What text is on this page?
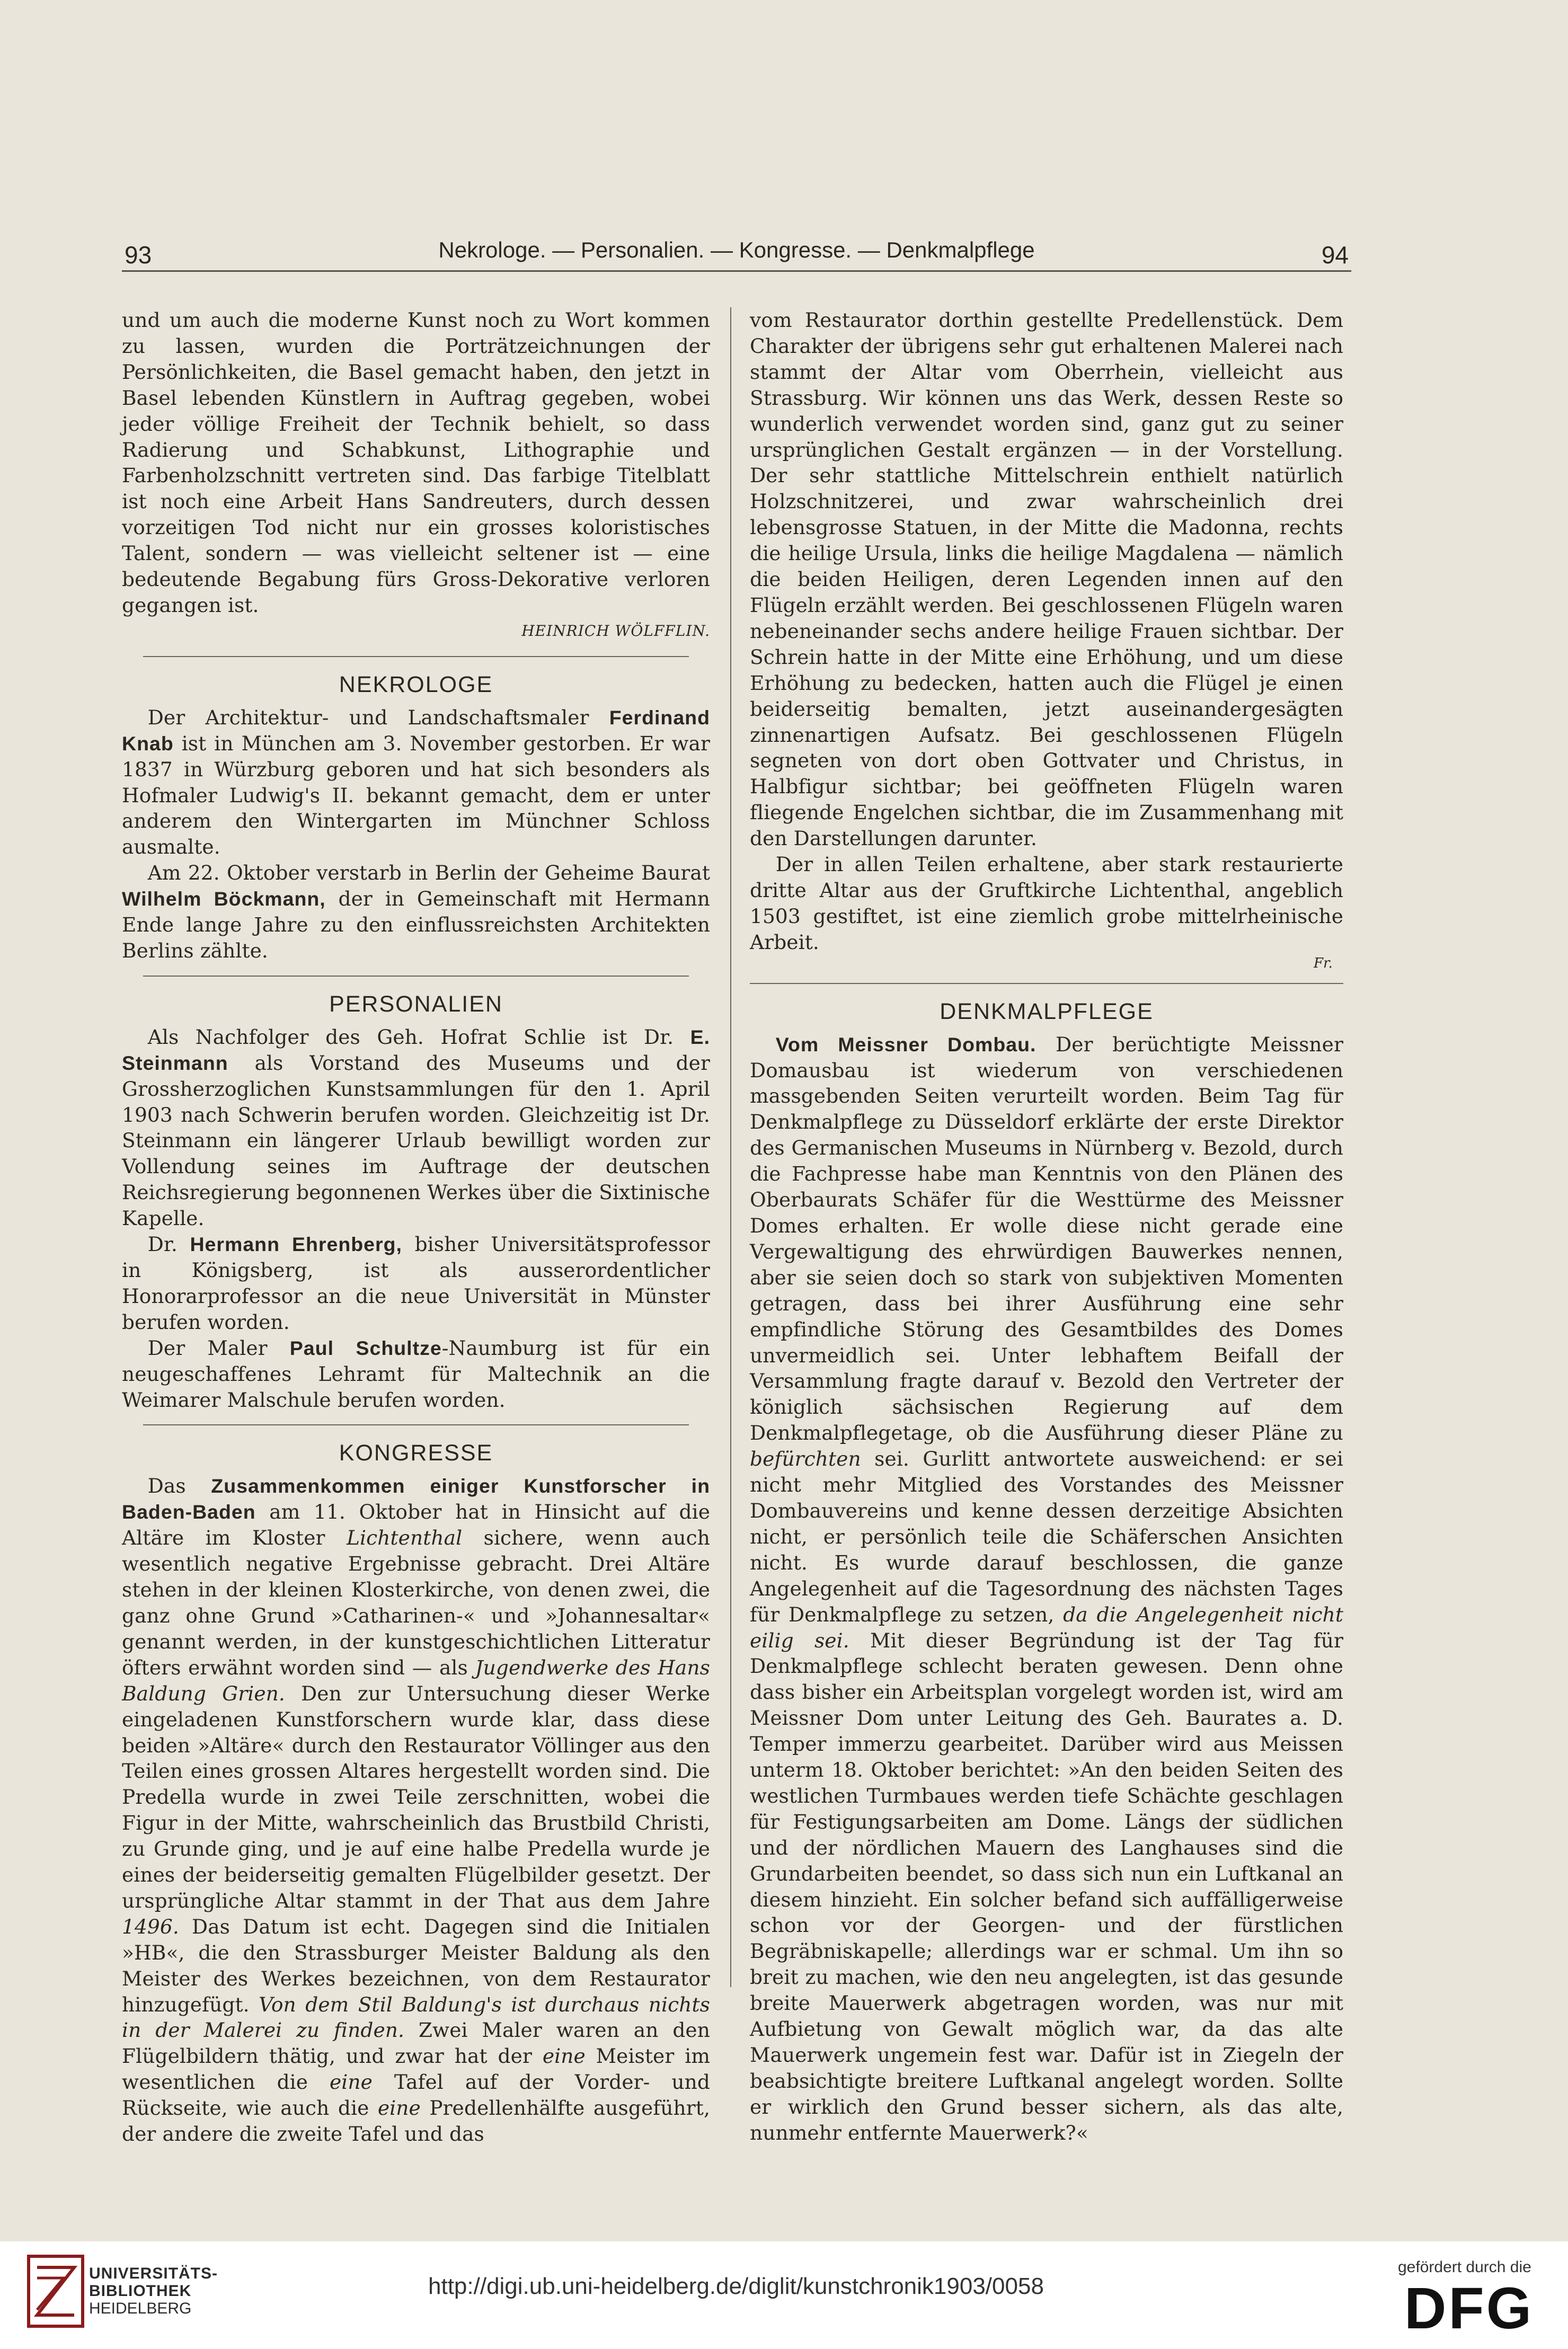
93	Nekrologe. — Personalien. — Kongresse. — Denkmalpflege	94

und um auch die moderne Kunst noch zu Wort kommen zu lassen, wurden die Porträtzeichnungen der Persönlichkeiten, die Basel gemacht haben, den jetzt in Basel lebenden Künstlern in Auftrag gegeben, wobei jeder völlige Freiheit der Technik behielt, so dass Radierung und Schabkunst, Lithographie und Farbenholzschnitt vertreten sind. Das farbige Titelblatt ist noch eine Arbeit Hans Sandreuters, durch dessen vorzeitigen Tod nicht nur ein grosses koloristisches Talent, sondern — was vielleicht seltener ist — eine bedeutende Begabung fürs Gross-Dekorative verloren gegangen ist.

HEINRICH WÖLFFLIN.
NEKROLOGE

Der Architektur- und Landschaftsmaler Ferdinand Knab ist in München am 3. November gestorben. Er war 1837 in Würzburg geboren und hat sich besonders als Hofmaler Ludwig's II. bekannt gemacht, dem er unter anderem den Wintergarten im Münchner Schloss ausmalte.

Am 22. Oktober verstarb in Berlin der Geheime Baurat Wilhelm Böckmann, der in Gemeinschaft mit Hermann Ende lange Jahre zu den einflussreichsten Architekten Berlins zählte.

PERSONALIEN

Als Nachfolger des Geh. Hofrat Schlie ist Dr. E. Steinmann als Vorstand des Museums und der Grossherzoglichen Kunstsammlungen für den 1. April 1903 nach Schwerin berufen worden. Gleichzeitig ist Dr. Steinmann ein längerer Urlaub bewilligt worden zur Vollendung seines im Auftrage der deutschen Reichsregierung begonnenen Werkes über die Sixtinische Kapelle.

Dr. Hermann Ehrenberg, bisher Universitätsprofessor in Königsberg, ist als ausserordentlicher Honorarprofessor an die neue Universität in Münster berufen worden.

Der Maler Paul Schultze-Naumburg ist für ein neugeschaffenes Lehramt für Maltechnik an die Weimarer Malschule berufen worden.

KONGRESSE

Das Zusammenkommen einiger Kunstforscher in Baden-Baden am 11. Oktober hat in Hinsicht auf die Altäre im Kloster Lichtenthal sichere, wenn auch wesentlich negative Ergebnisse gebracht. Drei Altäre stehen in der kleinen Klosterkirche, von denen zwei, die ganz ohne Grund »Catharinen-« und »Johannesaltar« genannt werden, in der kunstgeschichtlichen Litteratur öfters erwähnt worden sind — als Jugendwerke des Hans Baldung Grien. Den zur Untersuchung dieser Werke eingeladenen Kunstforschern wurde klar, dass diese beiden »Altäre« durch den Restaurator Völlinger aus den Teilen eines grossen Altares hergestellt worden sind. Die Predella wurde in zwei Teile zerschnitten, wobei die Figur in der Mitte, wahrscheinlich das Brustbild Christi, zu Grunde ging, und je auf eine halbe Predella wurde je eines der beiderseitig gemalten Flügelbilder gesetzt. Der ursprüngliche Altar stammt in der That aus dem Jahre 1496. Das Datum ist echt. Dagegen sind die Initialen »HB«, die den Strassburger Meister Baldung als den Meister des Werkes bezeichnen, von dem Restaurator hinzugefügt. Von dem Stil Baldung's ist durchaus nichts in der Malerei zu finden. Zwei Maler waren an den Flügelbildern thätig, und zwar hat der eine Meister im wesentlichen die eine Tafel auf der Vorder- und Rückseite, wie auch die eine Predellenhälfte ausgeführt, der andere die zweite Tafel und das

vom Restaurator dorthin gestellte Predellenstück. Dem Charakter der übrigens sehr gut erhaltenen Malerei nach stammt der Altar vom Oberrhein, vielleicht aus Strassburg. Wir können uns das Werk, dessen Reste so wunderlich verwendet worden sind, ganz gut zu seiner ursprünglichen Gestalt ergänzen — in der Vorstellung. Der sehr stattliche Mittelschrein enthielt natürlich Holzschnitzerei, und zwar wahrscheinlich drei lebensgrosse Statuen, in der Mitte die Madonna, rechts die heilige Ursula, links die heilige Magdalena — nämlich die beiden Heiligen, deren Legenden innen auf den Flügeln erzählt werden. Bei geschlossenen Flügeln waren nebeneinander sechs andere heilige Frauen sichtbar. Der Schrein hatte in der Mitte eine Erhöhung, und um diese Erhöhung zu bedecken, hatten auch die Flügel je einen beiderseitig bemalten, jetzt auseinandergesägten zinnenartigen Aufsatz. Bei geschlossenen Flügeln segneten von dort oben Gottvater und Christus, in Halbfigur sichtbar; bei geöffneten Flügeln waren fliegende Engelchen sichtbar, die im Zusammenhang mit den Darstellungen darunter.

Der in allen Teilen erhaltene, aber stark restaurierte dritte Altar aus der Gruftkirche Lichtenthal, angeblich 1503 gestiftet, ist eine ziemlich grobe mittelrheinische Arbeit.

Fr.
DENKMALPFLEGE

Vom Meissner Dombau. Der berüchtigte Meissner Domausbau ist wiederum von verschiedenen massgebenden Seiten verurteilt worden. Beim Tag für Denkmalpflege zu Düsseldorf erklärte der erste Direktor des Germanischen Museums in Nürnberg v. Bezold, durch die Fachpresse habe man Kenntnis von den Plänen des Oberbaurats Schäfer für die Westtürme des Meissner Domes erhalten. Er wolle diese nicht gerade eine Vergewaltigung des ehrwürdigen Bauwerkes nennen, aber sie seien doch so stark von subjektiven Momenten getragen, dass bei ihrer Ausführung eine sehr empfindliche Störung des Gesamtbildes des Domes unvermeidlich sei. Unter lebhaftem Beifall der Versammlung fragte darauf v. Bezold den Vertreter der königlich sächsischen Regierung auf dem Denkmalpflegetage, ob die Ausführung dieser Pläne zu befürchten sei. Gurlitt antwortete ausweichend: er sei nicht mehr Mitglied des Vorstandes des Meissner Dombauvereins und kenne dessen derzeitige Absichten nicht, er persönlich teile die Schäferschen Ansichten nicht. Es wurde darauf beschlossen, die ganze Angelegenheit auf die Tagesordnung des nächsten Tages für Denkmalpflege zu setzen, da die Angelegenheit nicht eilig sei. Mit dieser Begründung ist der Tag für Denkmalpflege schlecht beraten gewesen. Denn ohne dass bisher ein Arbeitsplan vorgelegt worden ist, wird am Meissner Dom unter Leitung des Geh. Baurates a. D. Temper immerzu gearbeitet. Darüber wird aus Meissen unterm 18. Oktober berichtet: »An den beiden Seiten des westlichen Turmbaues werden tiefe Schächte geschlagen für Festigungsarbeiten am Dome. Längs der südlichen und der nördlichen Mauern des Langhauses sind die Grundarbeiten beendet, so dass sich nun ein Luftkanal an diesem hinzieht. Ein solcher befand sich auffälligerweise schon vor der Georgen- und der fürstlichen Begräbniskapelle; allerdings war er schmal. Um ihn so breit zu machen, wie den neu angelegten, ist das gesunde breite Mauerwerk abgetragen worden, was nur mit Aufbietung von Gewalt möglich war, da das alte Mauerwerk ungemein fest war. Dafür ist in Ziegeln der beabsichtigte breitere Luftkanal angelegt worden. Sollte er wirklich den Grund besser sichern, als das alte, nunmehr entfernte Mauerwerk?«

UNIVERSITÄTS-
BIBLIOTHEK
HEIDELBERG
http://digi.ub.uni-heidelberg.de/diglit/kunstchronik1903/0058
gefördert durch die
DFG
